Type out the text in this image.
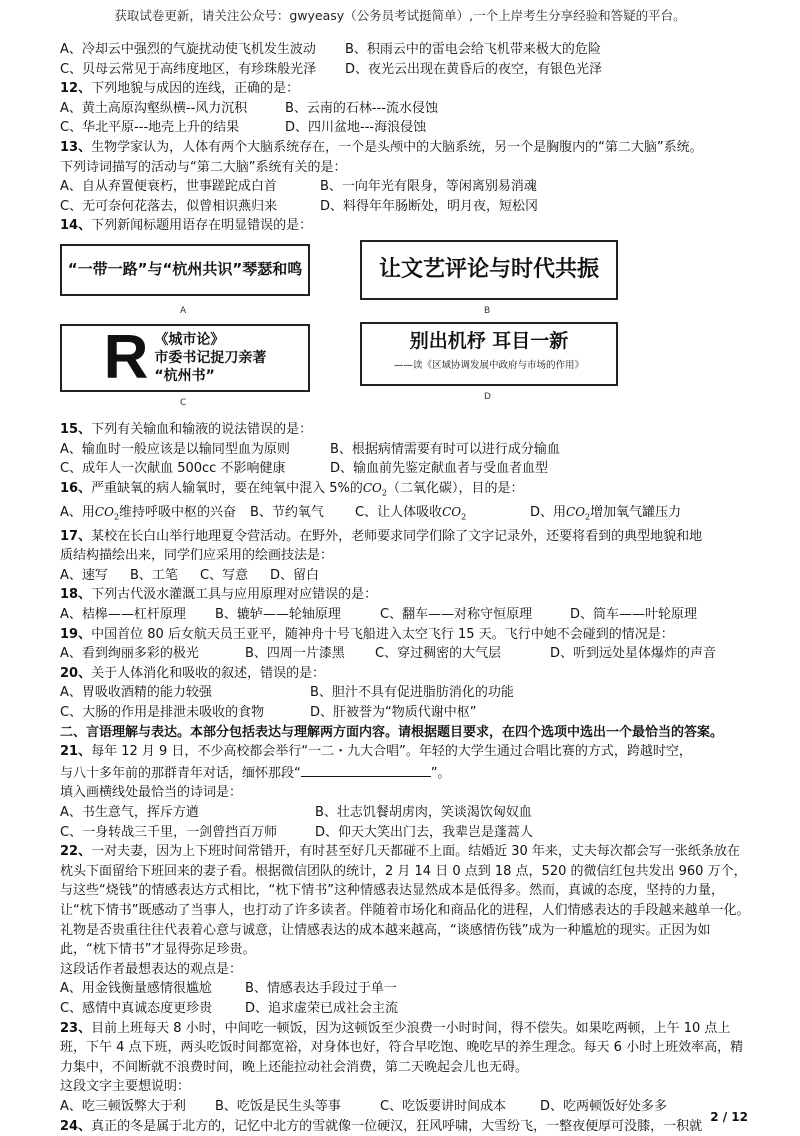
获取试卷更新，请关注公众号：gwyeasy（公务员考试挺简单）,一个上岸考生分享经验和答疑的平台。
A、冷却云中强烈的气旋扰动使飞机发生波动	B、积雨云中的雷电会给飞机带来极大的危险
C、贝母云常见于高纬度地区，有珍珠般光泽	D、夜光云出现在黄昏后的夜空，有银色光泽
12、下列地貌与成因的连线，正确的是：
A、黄土高原沟壑纵横--风力沉积	B、云南的石林---流水侵蚀
C、华北平原---地壳上升的结果	D、四川盆地---海浪侵蚀
13、生物学家认为，人体有两个大脑系统存在，一个是头颅中的大脑系统，另一个是胸腹内的“第二大脑”系统。
下列诗词描写的活动与“第二大脑”系统有关的是：
A、自从弃置便衰朽，世事蹉跎成白首	B、一向年光有限身，等闲离别易消魂
C、无可奈何花落去，似曾相识燕归来	D、料得年年肠断处，明月夜，短松冈
14、下列新闻标题用语存在明显错误的是：
“一带一路”与“杭州共识”琴瑟和鸣
A
让文艺评论与时代共振
B
R 《城市论》
市委书记捉刀亲著
“杭州书”
C
别出机杼 耳目一新
——读《区域协调发展中政府与市场的作用》
D
15、下列有关输血和输液的说法错误的是：
A、输血时一般应该是以输同型血为原则	B、根据病情需要有时可以进行成分输血
C、成年人一次献血 500cc 不影响健康	D、输血前先鉴定献血者与受血者血型
16、严重缺氧的病人输氧时，要在纯氧中混入 5%的$CO_2$（二氧化碳），目的是：
A、用$CO_2$维持呼吸中枢的兴奋	B、节约氧气	C、让人体吸收$CO_2$	D、用$CO_2$增加氧气罐压力
17、某校在长白山举行地理夏令营活动。在野外，老师要求同学们除了文字记录外，还要将看到的典型地貌和地
质结构描绘出来，同学们应采用的绘画技法是：
A、速写	B、工笔	C、写意	D、留白
18、下列古代汲水灌溉工具与应用原理对应错误的是：
A、桔槔——杠杆原理	B、辘轳——轮轴原理	C、翻车——对称守恒原理	D、筒车——叶轮原理
19、中国首位 80 后女航天员王亚平，随神舟十号飞船进入太空飞行 15 天。飞行中她不会碰到的情况是：
A、看到绚丽多彩的极光	B、四周一片漆黑	C、穿过稠密的大气层	D、听到远处星体爆炸的声音
20、关于人体消化和吸收的叙述，错误的是：
A、胃吸收酒精的能力较强	B、胆汁不具有促进脂肪消化的功能
C、大肠的作用是排泄未吸收的食物	D、肝被誉为“物质代谢中枢”
二、言语理解与表达。本部分包括表达与理解两方面内容。请根据题目要求，在四个选项中选出一个最恰当的答案。
21、每年 12 月 9 日，不少高校都会举行“一二・九大合唱”。年轻的大学生通过合唱比赛的方式，跨越时空，
与八十多年前的那群青年对话，缅怀那段“	”。
填入画横线处最恰当的诗词是：
A、书生意气，挥斥方遒	B、壮志饥餐胡虏肉，笑谈渴饮匈奴血
C、一身转战三千里，一剑曾挡百万师	D、仰天大笑出门去，我辈岂是蓬蒿人
22、一对夫妻，因为上下班时间常错开，有时甚至好几天都碰不上面。结婚近 30 年来，丈夫每次都会写一张纸条放在枕头下面留给下班回来的妻子看。根据微信团队的统计，2 月 14 日 0 点到 18 点，520 的微信红包共发出 960 万个，与这些“烧钱”的情感表达方式相比，“枕下情书”这种情感表达显然成本是低得多。然而，真诚的态度，坚持的力量，让“枕下情书”既感动了当事人，也打动了许多读者。伴随着市场化和商品化的进程，人们情感表达的手段越来越单一化。礼物是否贵重往往代表着心意与诚意，让情感表达的成本越来越高，“谈感情伤钱”成为一种尴尬的现实。正因为如此，“枕下情书”才显得弥足珍贵。
这段话作者最想表达的观点是：
A、用金钱衡量感情很尴尬	B、情感表达手段过于单一
C、感情中真诚态度更珍贵	D、追求虚荣已成社会主流
23、目前上班每天 8 小时，中间吃一顿饭，因为这顿饭至少浪费一小时时间，得不偿失。如果吃两顿，上午 10 点上班，下午 4 点下班，两头吃饭时间都宽裕，对身体也好，符合早吃饱、晚吃早的养生理念。每天 6 小时上班效率高，精力集中，不间断就不浪费时间，晚上还能拉动社会消费，第二天晚起会儿也无碍。
这段文字主要想说明：
A、吃三顿饭弊大于利	B、吃饭是民生头等事	C、吃饭要讲时间成本	D、吃两顿饭好处多多
24、真正的冬是属于北方的，记忆中北方的雪就像一位硬汉，狂风呼啸，大雪纷飞，一整夜便厚可没膝，一积就
2 / 12
